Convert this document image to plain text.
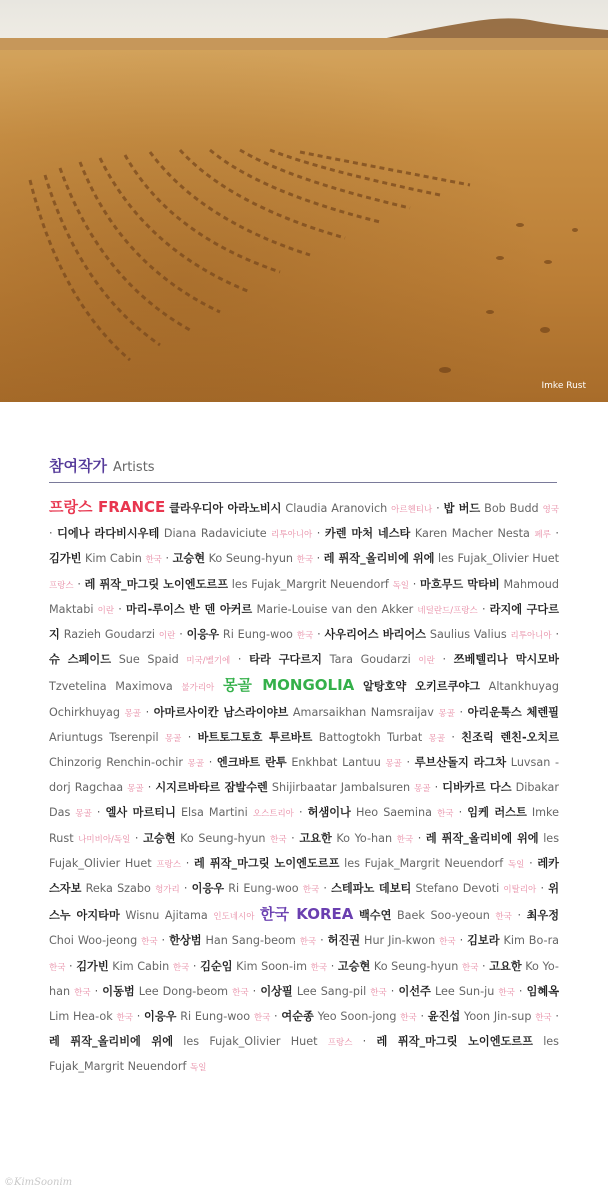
Imke Rust
참여작가 Artists
프랑스 FRANCE 클라우디아 아라노비시 Claudia Aranovich 아르헨티나 · 밥 버드 Bob Budd 영국 · 디에나 라다비시우테 Diana Radaviciute 리투아니아 · 카렌 마처 네스타 Karen Macher Nesta 페루 · 김가빈 Kim Cabin 한국 · 고승현 Ko Seung-hyun 한국 · 레 퓌작_올리비에 위에 les Fujak_Olivier Huet 프랑스 · 레 퓌작_마그릿 노이엔도르프 les Fujak_Margrit Neuendorf 독일 · 마흐무드 막타비 Mahmoud Maktabi 이란 · 마리-루이스 반 덴 아커르 Marie-Louise van den Akker 네덜란드/프랑스 · 라지에 구다르지 Razieh Goudarzi 이란 · 이응우 Ri Eung-woo 한국 · 사우리어스 바리어스 Saulius Valius 리투아니아 · 슈 스페이드 Sue Spaid 미국/벨기에 · 타라 구다르지 Tara Goudarzi 이란 · 쯔베텔리나 막시모바 Tzvetelina Maximova 불가리아 몽골 MONGOLIA 알탕호약 오키르쿠야그 Altankhuyag Ochirkhuyag 몽골 · 아마르사이칸 남스라이야브 Amarsaikhan Namsraijav 몽골 · 아리운툭스 체렌필 Ariuntugs Tserenpil 몽골 · 바트토그토흐 투르바트 Battogtokh Turbat 몽골 · 친조릭 렌친-오치르 Chinzorig Renchin-ochir 몽골 · 엔크바트 란투 Enkhbat Lantuu 몽골 · 루브산돌지 라그차 Luvsan -dorj Ragchaa 몽골 · 시지르바타르 잠발수렌 Shijirbaatar Jambalsuren 몽골 · 디바카르 다스 Dibakar Das 몽골 · 엘사 마르티니 Elsa Martini 오스트리아 · 허샘이나 Heo Saemina 한국 · 임케 러스트 Imke Rust 나미비아/독일 · 고승현 Ko Seung-hyun 한국 · 고요한 Ko Yo-han 한국 · 레 퓌작_올리비에 위에 les Fujak_Olivier Huet 프랑스 · 레 퓌작_마그릿 노이엔도르프 les Fujak_Margrit Neuendorf 독일 · 레카 스자보 Reka Szabo 헝가리 · 이응우 Ri Eung-woo 한국 · 스테파노 데보티 Stefano Devoti 이탈리아 · 위스누 아지타마 Wisnu Ajitama 인도네시아 한국 KOREA 백수연 Baek Soo-yeoun 한국 · 최우정 Choi Woo-jeong 한국 · 한상범 Han Sang-beom 한국 · 허진권 Hur Jin-kwon 한국 · 김보라 Kim Bo-ra 한국 · 김가빈 Kim Cabin 한국 · 김순임 Kim Soon-im 한국 · 고승현 Ko Seung-hyun 한국 · 고요한 Ko Yo-han 한국 · 이동범 Lee Dong-beom 한국 · 이상필 Lee Sang-pil 한국 · 이선주 Lee Sun-ju 한국 · 임혜옥 Lim Hea-ok 한국 · 이응우 Ri Eung-woo 한국 · 여순종 Yeo Soon-jong 한국 · 윤진섭 Yoon Jin-sup 한국 · 레 퓌작_올리비에 위에 les Fujak_Olivier Huet 프랑스 · 레 퓌작_마그릿 노이엔도르프 les Fujak_Margrit Neuendorf 독일
©KimSoonim
